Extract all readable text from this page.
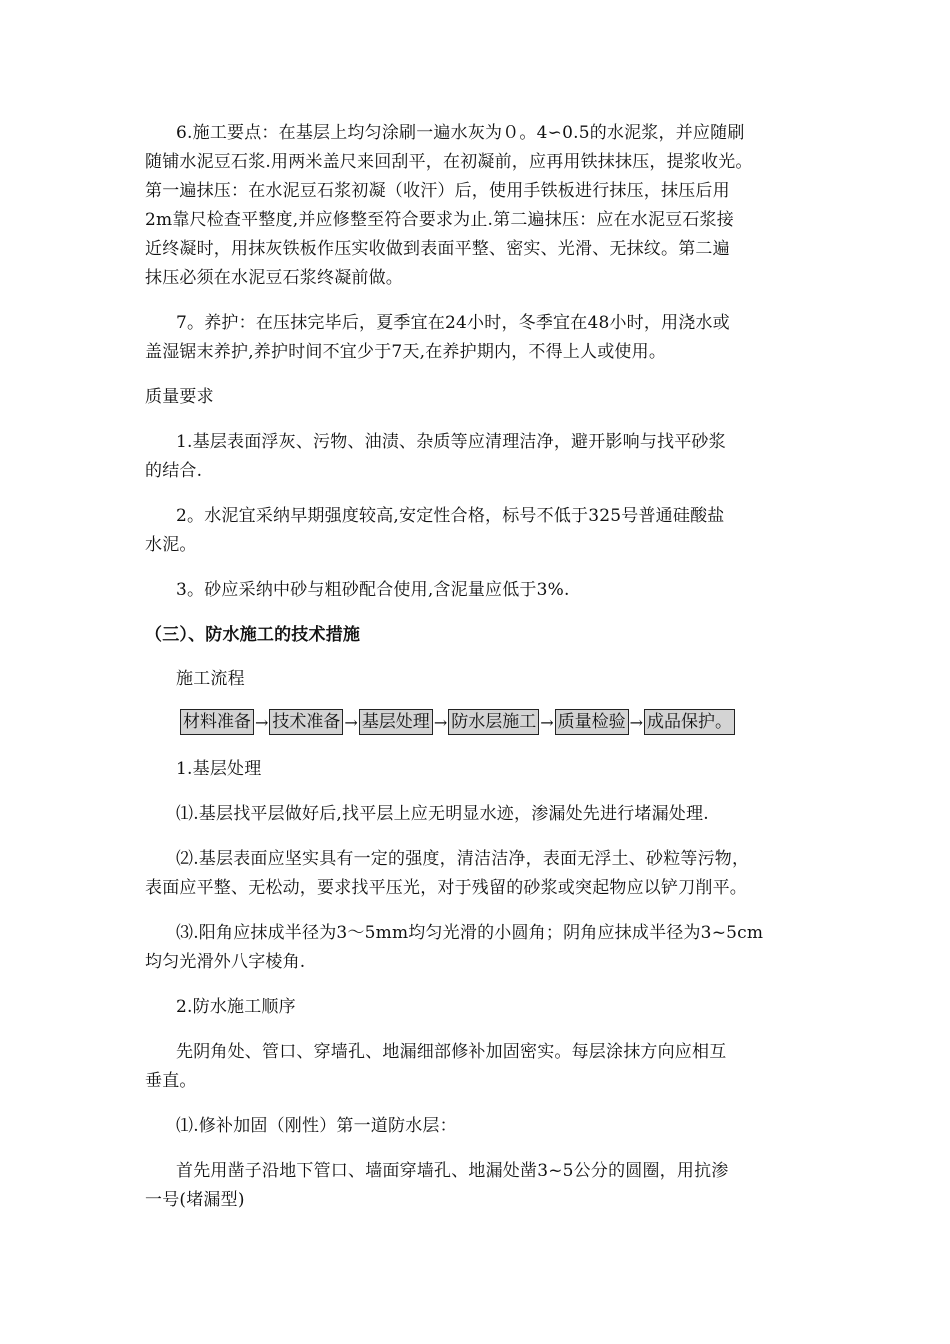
6.施工要点：在基层上均匀涂刷一遍水灰为０。4∽0.5的水泥浆，并应随刷
随铺水泥豆石浆.用两米盖尺来回刮平，在初凝前，应再用铁抹抹压，提浆收光。
第一遍抹压：在水泥豆石浆初凝（收汗）后，使用手铁板进行抹压，抹压后用
2m靠尺检查平整度,并应修整至符合要求为止.第二遍抹压：应在水泥豆石浆接
近终凝时，用抹灰铁板作压实收做到表面平整、密实、光滑、无抹纹。第二遍
抹压必须在水泥豆石浆终凝前做。
7。养护：在压抹完毕后，夏季宜在24小时，冬季宜在48小时，用浇水或
盖湿锯末养护,养护时间不宜少于7天,在养护期内，不得上人或使用。
质量要求
1.基层表面浮灰、污物、油渍、杂质等应清理洁净，避开影响与找平砂浆
的结合.
2。水泥宜采纳早期强度较高,安定性合格，标号不低于325号普通硅酸盐
水泥。
3。砂应采纳中砂与粗砂配合使用,含泥量应低于3%.
（三）、防水施工的技术措施
施工流程
材料准备 → 技术准备 → 基层处理 → 防水层施工 → 质量检验 → 成品保护。
1.基层处理
⑴.基层找平层做好后,找平层上应无明显水迹，渗漏处先进行堵漏处理.
⑵.基层表面应坚实具有一定的强度，清洁洁净，表面无浮土、砂粒等污物，
表面应平整、无松动，要求找平压光，对于残留的砂浆或突起物应以铲刀削平。
⑶.阳角应抹成半径为3～5mm均匀光滑的小圆角；阴角应抹成半径为3~5cm
均匀光滑外八字棱角.
2.防水施工顺序
先阴角处、管口、穿墙孔、地漏细部修补加固密实。每层涂抹方向应相互
垂直。
⑴.修补加固（刚性）第一道防水层：
首先用凿子沿地下管口、墙面穿墙孔、地漏处凿3~5公分的圆圈，用抗渗
一号(堵漏型)
